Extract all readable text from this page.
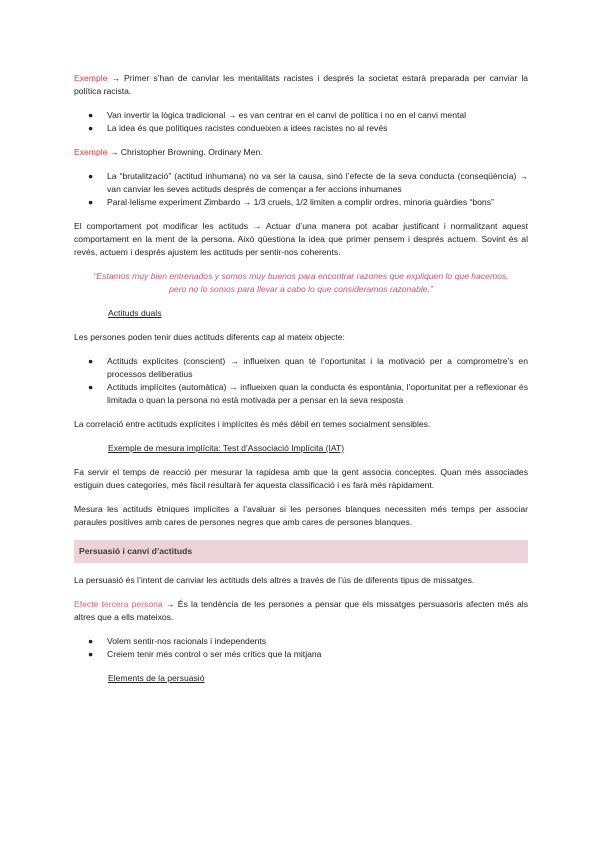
Exemple → Primer s’han de canviar les mentalitats racistes i després la societat estarà preparada per canviar la política racista.

● Van invertir la lògica tradicional → es van centrar en el canvi de política i no en el canvi mental
● La idea és que polítiques racistes condueixen a idees racistes no al revés

Exemple → Christopher Browning. Ordinary Men.

● La “brutalització” (actitud inhumana) no va ser la causa, sinó l’efecte de la seva conducta (conseqüència) → van canviar les seves actituds després de començar a fer accions inhumanes
● Paral·lelisme experiment Zimbardo → 1/3 cruels, 1/2 limiten a complir ordres, minoria guàrdies “bons”

El comportament pot modificar les actituds → Actuar d’una manera pot acabar justificant i normalitzant aquest comportament en la ment de la persona. Això qüestiona la idea que primer pensem i després actuem. Sovint és al revés, actuem i després ajustem les actituds per sentir-nos coherents.

“Estamos muy bien entrenados y somos muy buenos para encontrar razones que expliquen lo que hacemos,

pero no lo somos para llevar a cabo lo que consideramos razonable.”

Actituds duals

Les persones poden tenir dues actituds diferents cap al mateix objecte:

● Actituds explícites (conscient) → influeixen quan té l’oportunitat i la motivació per a comprometre’s en processos deliberatius
● Actituds implícites (automàtica) → influeixen quan la conducta és espontània, l’oportunitat per a reflexionar és limitada o quan la persona no està motivada per a pensar en la seva resposta

La correlació entre actituds explícites i implícites és més dèbil en temes socialment sensibles.

Exemple de mesura implícita: Test d’Associació Implícita (IAT)

Fa servir el temps de reacció per mesurar la rapidesa amb que la gent associa conceptes. Quan més associades estiguin dues categories, més fàcil resultarà fer aquesta classificació i es farà més ràpidament.

Mesura les actituds ètniques implícites a l’avaluar si les persones blanques necessiten més temps per associar paraules positives amb cares de persones negres que amb cares de persones blanques.

Persuasió i canvi d’actituds

La persuasió és l’intent de canviar les actituds dels altres a través de l’ús de diferents tipus de missatges.

Efecte tercera persona → És la tendència de les persones a pensar que els missatges persuasoris afecten més als altres que a ells mateixos.

● Volem sentir-nos racionals i independents
● Creiem tenir més control o ser més crítics que la mitjana

Elements de la persuasió
